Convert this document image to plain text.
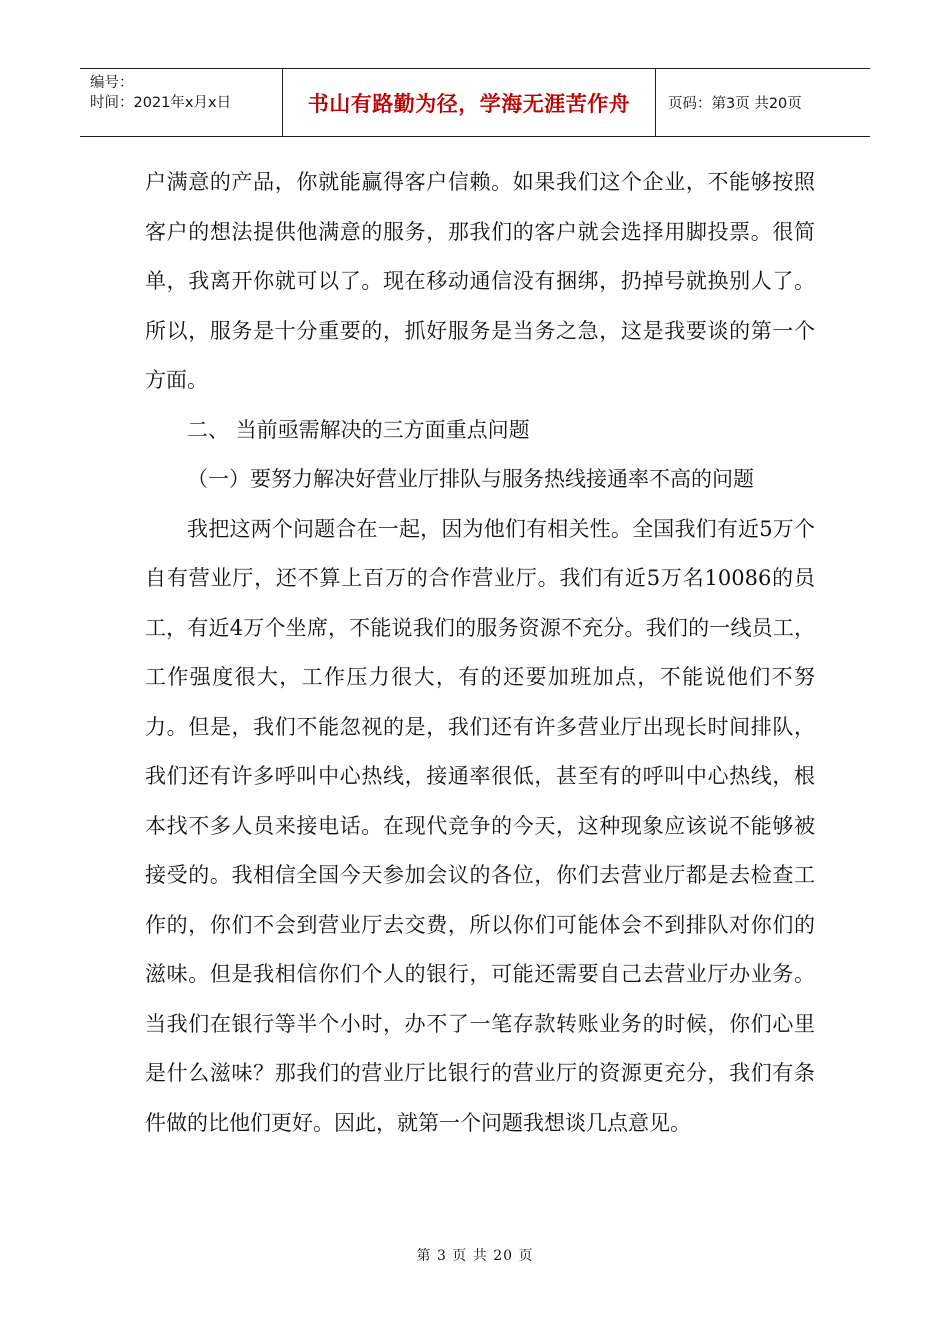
编号：
时间：2021年x月x日	书山有路勤为径，学海无涯苦作舟	页码：第3页 共20页

户满意的产品，你就能赢得客户信赖。如果我们这个企业，不能够按照客户的想法提供他满意的服务，那我们的客户就会选择用脚投票。很简单，我离开你就可以了。现在移动通信没有捆绑，扔掉号就换别人了。所以，服务是十分重要的，抓好服务是当务之急，这是我要谈的第一个方面。

二、 当前亟需解决的三方面重点问题

（一）要努力解决好营业厅排队与服务热线接通率不高的问题

我把这两个问题合在一起，因为他们有相关性。全国我们有近5万个自有营业厅，还不算上百万的合作营业厅。我们有近5万名10086的员工，有近4万个坐席，不能说我们的服务资源不充分。我们的一线员工，工作强度很大，工作压力很大，有的还要加班加点，不能说他们不努力。但是，我们不能忽视的是，我们还有许多营业厅出现长时间排队，我们还有许多呼叫中心热线，接通率很低，甚至有的呼叫中心热线，根本找不多人员来接电话。在现代竞争的今天，这种现象应该说不能够被接受的。我相信全国今天参加会议的各位，你们去营业厅都是去检查工作的，你们不会到营业厅去交费，所以你们可能体会不到排队对你们的滋味。但是我相信你们个人的银行，可能还需要自己去营业厅办业务。当我们在银行等半个小时，办不了一笔存款转账业务的时候，你们心里是什么滋味？那我们的营业厅比银行的营业厅的资源更充分，我们有条件做的比他们更好。因此，就第一个问题我想谈几点意见。

第 3 页 共 20 页
